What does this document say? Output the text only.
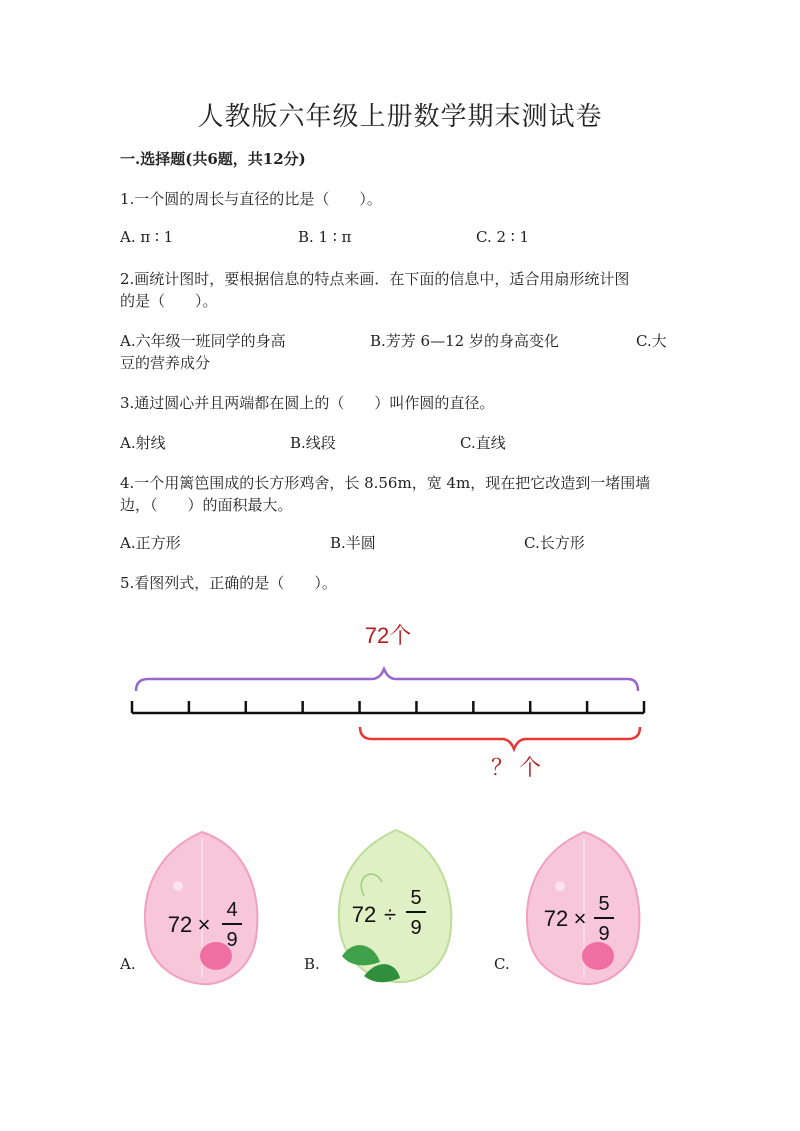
人教版六年级上册数学期末测试卷
一.选择题(共6题，共12分)
1.一个圆的周长与直径的比是（　　）。
A. π ∶ 1	B. 1 ∶ π	C. 2 ∶ 1
2.画统计图时，要根据信息的特点来画．在下面的信息中，适合用扇形统计图
的是（　　）。
A.六年级一班同学的身高	B.芳芳 6—12 岁的身高变化	C.大
豆的营养成分
3.通过圆心并且两端都在圆上的（　　）叫作圆的直径。
A.射线	B.线段	C.直线
4.一个用篱笆围成的长方形鸡舍，长 8.56m，宽 4m，现在把它改造到一堵围墙
边，（　　）的面积最大。
A.正方形	B.半圆	C.长方形
5.看图列式，正确的是（　　）。
72个
？ 个
A.
72 ×
4
9
B.
72 ÷
5
9
C.
72 ×
5
9
